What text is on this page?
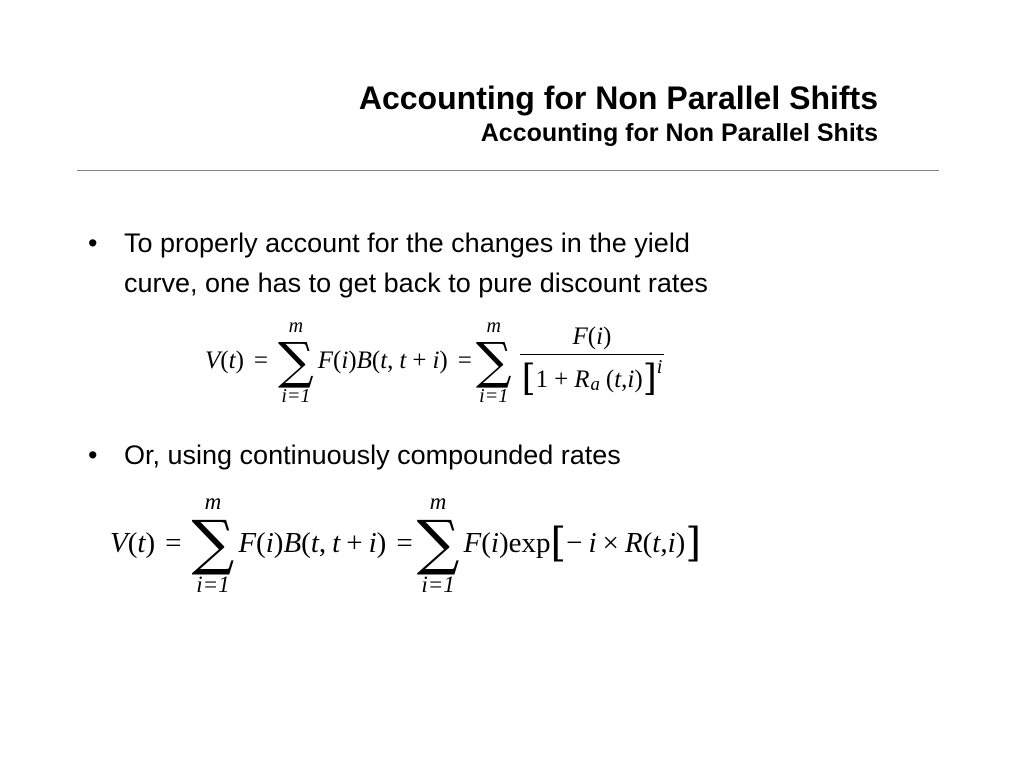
Accounting for Non Parallel Shifts
Accounting for Non Parallel Shits
• To properly account for the changes in the yield
curve, one has to get back to pure discount rates
V ( t ) =
m
∑
i=1
F ( i ) B ( t , t + i ) =
m
∑
i=1
F(i)
[ 1 + R a ( t , i ) ] i
• Or, using continuously compounded rates
V ( t ) =
m
∑
i=1
F ( i ) B ( t , t + i ) =
m
∑
i=1
F ( i ) exp [ − i × R ( t , i ) ]
